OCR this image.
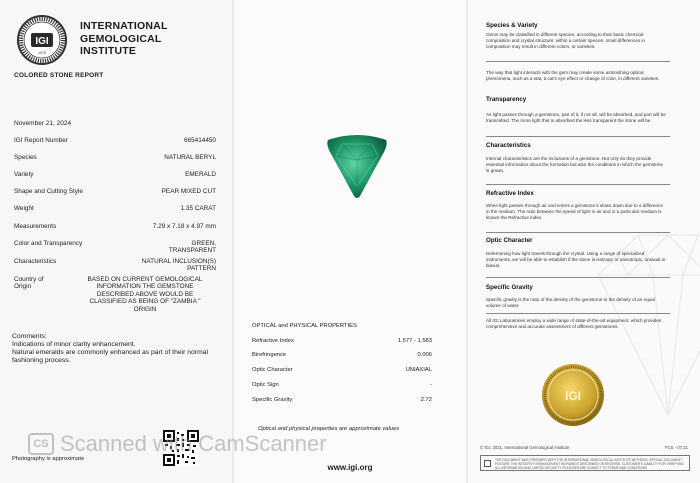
IGI
1975
INTERNATIONAL
GEMOLOGICAL
INSTITUTE
COLORED STONE REPORT
November 21, 2024
IGI Report Number	665414450
Species	NATURAL BERYL
Variety	EMERALD
Shape and Cutting Style	PEAR MIXED CUT
Weight	1.35 CARAT
Measurements	7.29 x 7.18 x 4.97 mm
Color and Transparency	GREEN,
TRANSPARENT
Characteristics	NATURAL INCLUSION(S)
PATTERN
Country of
Origin
BASED ON CURRENT GEMOLOGICAL
INFORMATION THE GEMSTONE
DESCRIBED ABOVE WOULD BE
CLASSIFIED AS BEING OF "ZAMBIA "
ORIGIN
Comments:
Indications of minor clarity enhancement.
Natural emeralds are commonly enhanced as part of their normal fashioning process.
Photography is approximate
OPTICAL and PHYSICAL PROPERTIES
Refractive Index	1.577 - 1.583
Birefringence	0.006
Optic Character	UNIAXIAL
Optic Sign	-
Specific Gravity	2.72
Optical and physical properties are approximate values
www.igi.org
Species & Variety
Gems may be classified in different species, according to their basic chemical composition and crystal structure; within a certain species, small differences in composition may result in different colors, or varieties.
The way that light interacts with the gem may create some astonishing optical phenomena, such as a star, a cat's eye effect or change of color, in different varieties.
Transparency
As light passes through a gemstone, part of it, if not all, will be absorbed, and part will be transmitted. The more light that is absorbed the less transparent the stone will be.
Characteristics
Internal characteristics are the inclusions of a gemstone. Not only do they provide essential information about the formation but also the conditions in which the gemstone is grown.
Refractive Index
When light passes through air and enters a gemstone it slows down due to a difference in the medium. The ratio between the speed of light in air and in a particular medium is known the Refractive index.
Optic Character
Determining how light travels through the crystal. Using a range of specialized instruments, we will be able to establish if the stone is isotropic or anisotropic, uniaxial or biaxial.
Specific Gravity
Specific gravity is the ratio of the density of the gemstone to the density of an equal volume of water.
All IGI Laboratories employ a wide range of state-of-the-art equipment, which provides comprehensive and accurate assessment of different gemstones.
IGI
© IGI, 2021, International Gemological Institute	FCS - 07.21
THE DOCUMENT WAS PREPARED WITH THE INTERNATIONAL GEMOLOGICAL INSTITUTE METHODS. SPECIAL DOCUMENT FEATURE THE INTEGRITY ENHANCEMENT WORDINGS DESCRIBED ON REVERSE. CUSTOMER'S LIABILITY FOR VERIFYING ALL INFORMATION AND LIMITED SECURITY FEATURES ARE SUBJECT TO TERMS AND CONDITIONS
CS Scanned with CamScanner
